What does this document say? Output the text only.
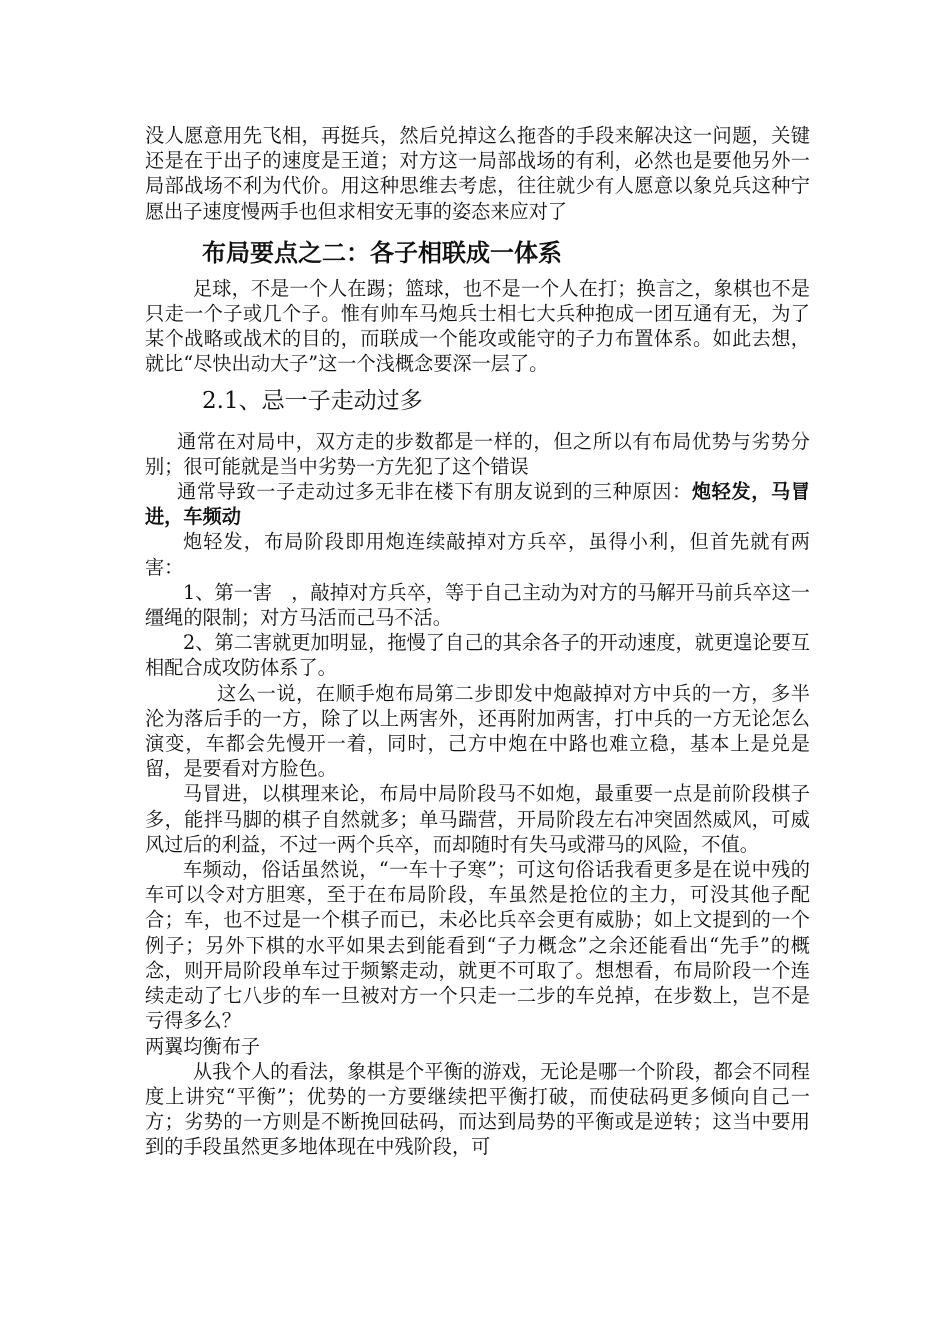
没人愿意用先飞相，再挺兵，然后兑掉这么拖沓的手段来解决这一问题，关键还是在于出子的速度是王道；对方这一局部战场的有利，必然也是要他另外一局部战场不利为代价。用这种思维去考虑，往往就少有人愿意以象兑兵这种宁愿出子速度慢两手也但求相安无事的姿态来应对了

布局要点之二：各子相联成一体系

足球，不是一个人在踢；篮球，也不是一个人在打；换言之，象棋也不是只走一个子或几个子。惟有帅车马炮兵士相七大兵种抱成一团互通有无，为了某个战略或战术的目的，而联成一个能攻或能守的子力布置体系。如此去想，就比“尽快出动大子”这一个浅概念要深一层了。

2.1、忌一子走动过多

通常在对局中，双方走的步数都是一样的，但之所以有布局优势与劣势分别；很可能就是当中劣势一方先犯了这个错误

通常导致一子走动过多无非在楼下有朋友说到的三种原因：炮轻发，马冒进，车频动

炮轻发，布局阶段即用炮连续敲掉对方兵卒，虽得小利，但首先就有两害：

1、第一害　，敲掉对方兵卒，等于自己主动为对方的马解开马前兵卒这一缰绳的限制；对方马活而己马不活。

2、第二害就更加明显，拖慢了自己的其余各子的开动速度，就更遑论要互相配合成攻防体系了。

这么一说，在顺手炮布局第二步即发中炮敲掉对方中兵的一方，多半沦为落后手的一方，除了以上两害外，还再附加两害，打中兵的一方无论怎么演变，车都会先慢开一着，同时，己方中炮在中路也难立稳，基本上是兑是留，是要看对方脸色。

马冒进，以棋理来论，布局中局阶段马不如炮，最重要一点是前阶段棋子多，能拌马脚的棋子自然就多；单马踹营，开局阶段左右冲突固然威风，可威风过后的利益，不过一两个兵卒，而却随时有失马或滞马的风险，不值。

车频动，俗话虽然说，“一车十子寒”；可这句俗话我看更多是在说中残的车可以令对方胆寒，至于在布局阶段，车虽然是抢位的主力，可没其他子配合；车，也不过是一个棋子而已，未必比兵卒会更有威胁；如上文提到的一个例子；另外下棋的水平如果去到能看到“子力概念”之余还能看出“先手”的概念，则开局阶段单车过于频繁走动，就更不可取了。想想看，布局阶段一个连续走动了七八步的车一旦被对方一个只走一二步的车兑掉，在步数上，岂不是亏得多么？

两翼均衡布子

从我个人的看法，象棋是个平衡的游戏，无论是哪一个阶段，都会不同程度上讲究“平衡”；优势的一方要继续把平衡打破，而使砝码更多倾向自己一方；劣势的一方则是不断挽回砝码，而达到局势的平衡或是逆转；这当中要用到的手段虽然更多地体现在中残阶段，可
